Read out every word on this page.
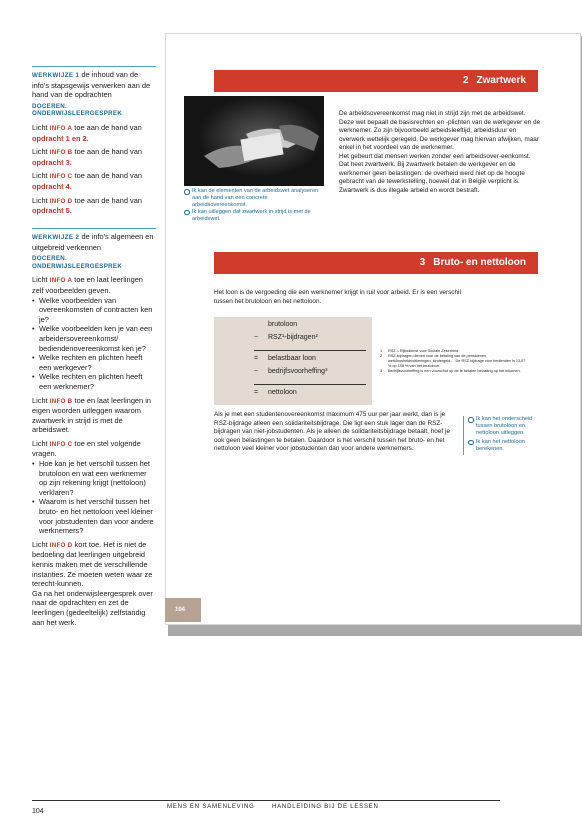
WERKWIJZE 1 de inhoud van de info's stapsgewijs verwerken aan de hand van de opdrachten

DOCEREN. ONDERWIJSLEERGESPREK

Licht INFO A toe aan de hand van opdracht 1 en 2.

Licht INFO B toe aan de hand van opdracht 3.

Licht INFO C toe aan de hand van opdracht 4.

Licht INFO D toe aan de hand van opdracht 5.

WERKWIJZE 2 de info's algemeen en uitgebreid verkennen

DOCEREN. ONDERWIJSLEERGESPREK

Licht INFO A toe en laat leerlingen zelf voorbeelden geven.

• Welke voorbeelden van overeenkomsten of contracten ken je?
• Welke voorbeelden ken je van een arbeidersovereenkomst/ bediendenovereenkomst ken je?
• Welke rechten en plichten heeft een werkgever?
• Welke rechten en plichten heeft een werknemer?

Licht INFO B toe en laat leerlingen in eigen woorden uitleggen waarom zwartwerk in strijd is met de arbeidswet.

Licht INFO C toe en stel volgende vragen.

• Hoe kan je het verschil tussen het brutoloon en wat een werknemer op zijn rekening krijgt (nettoloon) verklaren?
• Waarom is het verschil tussen het bruto- en het nettoloon veel kleiner voor jobstudenten dan voor andere werknemers?

Licht INFO D kort toe. Het is niet de bedoeling dat leerlingen uitgebreid kennis maken met de verschillende instanties. Ze moeten weten waar ze terecht-kunnen.

Ga na het onderwijsleergesprek over naar de opdrachten en zet de leerlingen (gedeeltelijk) zelfstandig aan het werk.

2 Zwartwerk
Ik kan de elementen van de arbeidswet analyseren aan de hand van een concrete arbeidsovereenkomst.
Ik kan uitleggen dat zwartwerk in strijd is met de arbeidswet.

De arbeidsovereenkomst mag niet in strijd zijn met de arbeidswet. Deze wet bepaalt de basisrechten en -plichten van de werkgever en de werknemer. Zo zijn bijvoorbeeld arbeidsleeftijd, arbeidsduur en overwerk wettelijk geregeld. De werkgever mag hiervan afwijken, maar enkel in het voordeel van de werknemer.

Het gebeurt dat mensen werken zonder een arbeidsover-eenkomst. Dat heet zwartwerk. Bij zwartwerk betalen de werkgever en de werknemer geen belastingen: de overheid werd niet op de hoogte gebracht van de tewerkstelling, hoewel dat in België verplicht is. Zwartwerk is dus illegale arbeid en wordt bestraft.

3 Bruto- en nettoloon
Het loon is de vergoeding die een werknemer krijgt in ruil voor arbeid. Er is een verschil tussen het brutoloon en het nettoloon.
brutoloon
− RSZ¹-bijdragen²
= belastbaar loon
− bedrijfsvoorheffing³
= nettoloon
1	RSZ = Rijksdienst voor Sociale Zekerheid
2	RSZ-bijdragen dienen voor de betaling van de pensioenen, werkloosheidsuitkeringen, kindergeld ... De RSZ-bijdrage voor bedienden is 13,07 % op 108 % van het brutoloon.
3	Bedrijfsvoorheffing is een voorschot op de te betalen belasting op het inkomen.
Als je met een studentenovereenkomst maximum 475 uur per jaar werkt, dan is je RSZ-bijdrage alleen een solidariteitsbijdrage. Die ligt een stuk lager dan de RSZ-bijdragen van niet-jobstudenten. Als je alleen de solidariteitsbijdrage betaalt, hoef je ook geen belastingen te betalen. Daardoor is het verschil tussen het bruto- en het nettoloon veel kleiner voor jobstudenten dan voor andere werknemers.
Ik kan het onderscheid tussen brutoloon en nettoloon uitleggen.
Ik kan het nettoloon berekenen.
104
104
MENS EN SAMENLEVING	HANDLEIDING BIJ DE LESSEN
